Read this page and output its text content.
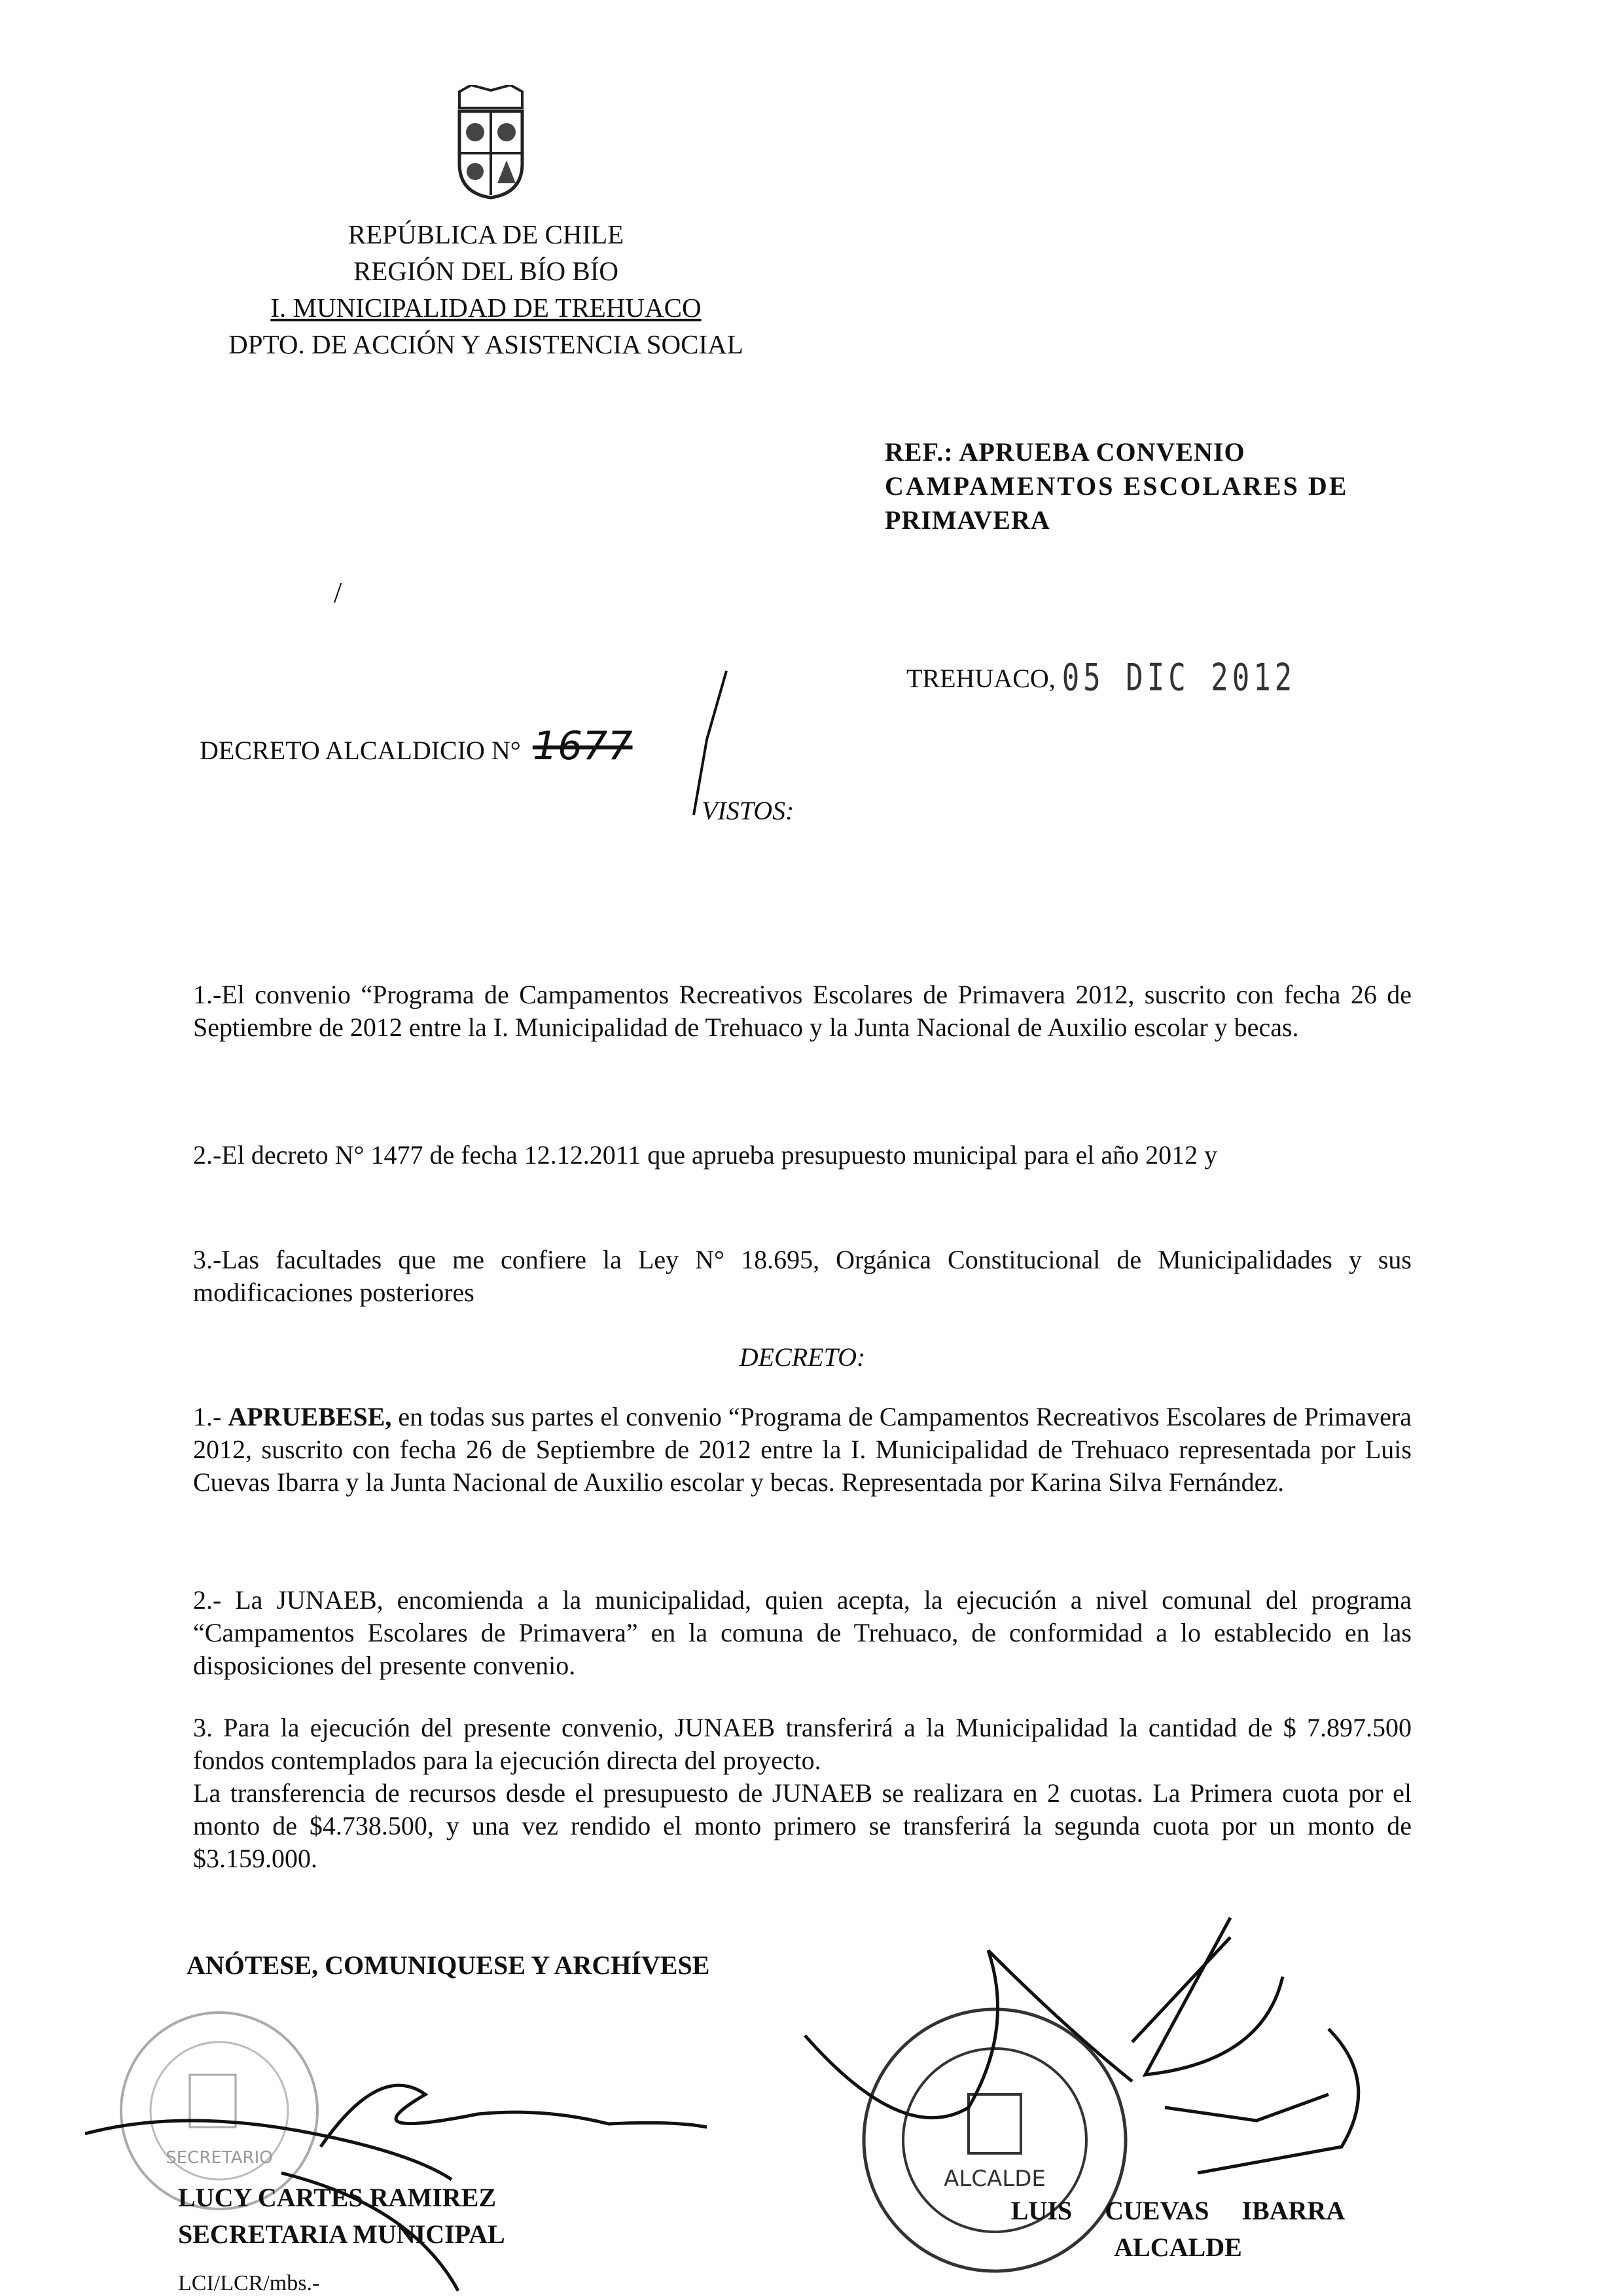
REPÚBLICA DE CHILE
REGIÓN DEL BÍO BÍO
I. MUNICIPALIDAD DE TREHUACO
DPTO. DE ACCIÓN Y ASISTENCIA SOCIAL
REF.: APRUEBA CONVENIO
CAMPAMENTOS ESCOLARES DE
PRIMAVERA
/
TREHUACO, 05 DIC 2012
DECRETO ALCALDICIO N° 1677
VISTOS:
1.-El convenio “Programa de Campamentos Recreativos Escolares de Primavera 2012, suscrito con fecha 26 de Septiembre de 2012 entre la I. Municipalidad de Trehuaco y la Junta Nacional de Auxilio escolar y becas.
2.-El decreto N° 1477 de fecha 12.12.2011 que aprueba presupuesto municipal para el año 2012 y
3.-Las facultades que me confiere la Ley N° 18.695, Orgánica Constitucional de Municipalidades y sus modificaciones posteriores
DECRETO:
1.- APRUEBESE, en todas sus partes el convenio “Programa de Campamentos Recreativos Escolares de Primavera 2012, suscrito con fecha 26 de Septiembre de 2012 entre la I. Municipalidad de Trehuaco representada por Luis Cuevas Ibarra y la Junta Nacional de Auxilio escolar y becas. Representada por Karina Silva Fernández.
2.- La JUNAEB, encomienda a la municipalidad, quien acepta, la ejecución a nivel comunal del programa “Campamentos Escolares de Primavera” en la comuna de Trehuaco, de conformidad a lo establecido en las disposiciones del presente convenio.
3. Para la ejecución del presente convenio, JUNAEB transferirá a la Municipalidad la cantidad de $ 7.897.500 fondos contemplados para la ejecución directa del proyecto.
La transferencia de recursos desde el presupuesto de JUNAEB se realizara en 2 cuotas. La Primera cuota por el monto de $4.738.500, y una vez rendido el monto primero se transferirá la segunda cuota por un monto de $3.159.000.
ANÓTESE, COMUNIQUESE Y ARCHÍVESE
SECRETARIO
ALCALDE
LUCY CARTES RAMIREZ
SECRETARIA MUNICIPAL
LUIS CUEVAS IBARRA
ALCALDE
LCI/LCR/mbs.-
